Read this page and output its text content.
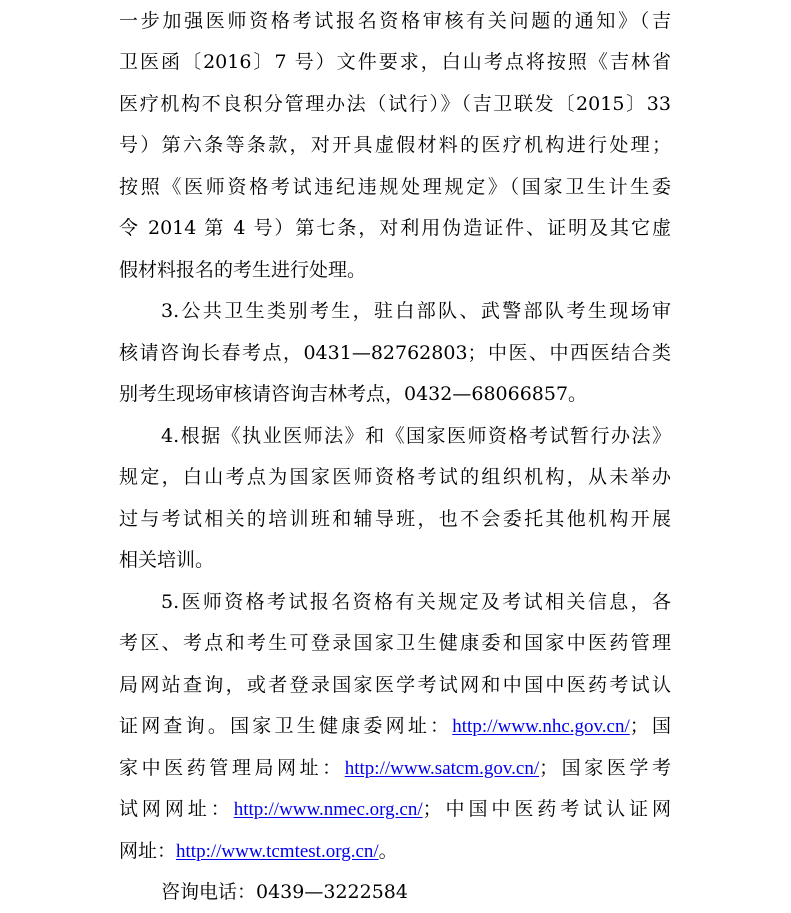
一步加强医师资格考试报名资格审核有关问题的通知》（吉
卫医函〔2016〕7 号）文件要求，白山考点将按照《吉林省
医疗机构不良积分管理办法（试行）》（吉卫联发〔2015〕33
号）第六条等条款，对开具虚假材料的医疗机构进行处理；
按照《医师资格考试违纪违规处理规定》（国家卫生计生委
令 2014 第 4 号）第七条，对利用伪造证件、证明及其它虚
假材料报名的考生进行处理。
3.公共卫生类别考生，驻白部队、武警部队考生现场审
核请咨询长春考点，0431—82762803；中医、中西医结合类
别考生现场审核请咨询吉林考点，0432—68066857。
4.根据《执业医师法》和《国家医师资格考试暂行办法》
规定，白山考点为国家医师资格考试的组织机构，从未举办
过与考试相关的培训班和辅导班，也不会委托其他机构开展
相关培训。
5.医师资格考试报名资格有关规定及考试相关信息，各
考区、考点和考生可登录国家卫生健康委和国家中医药管理
局网站查询，或者登录国家医学考试网和中国中医药考试认
证网查询。国家卫生健康委网址：http://www.nhc.gov.cn/；国
家中医药管理局网址：http://www.satcm.gov.cn/；国家医学考
试网网址：http://www.nmec.org.cn/；中国中医药考试认证网
网址：http://www.tcmtest.org.cn/。
咨询电话：0439—3222584
